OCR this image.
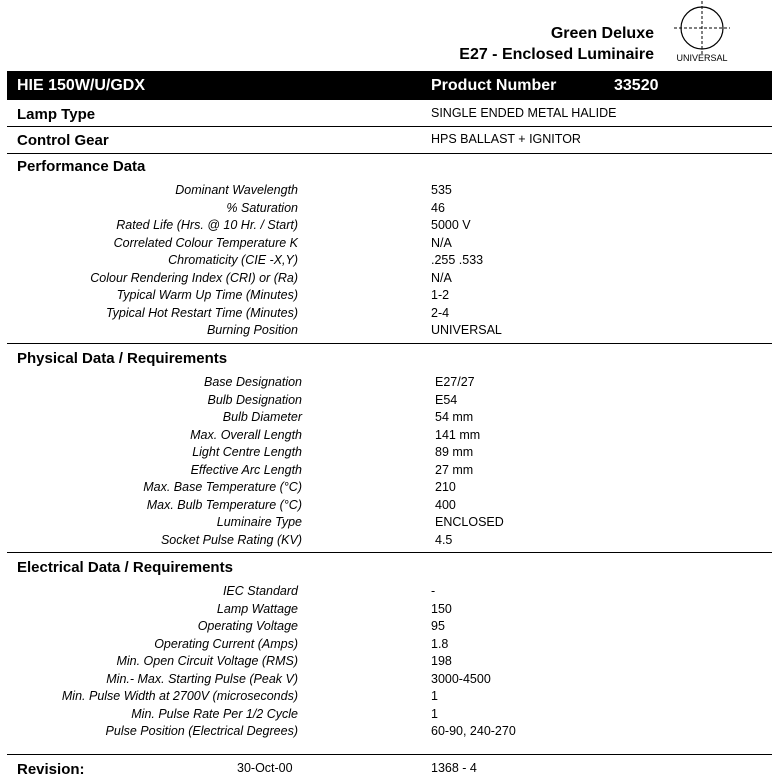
Green Deluxe
E27 - Enclosed Luminaire	UNIVERSAL
HIE 150W/U/GDX	Product Number	33520
Lamp Type	SINGLE ENDED METAL HALIDE
Control Gear	HPS BALLAST + IGNITOR
Performance Data
Dominant Wavelength	535
% Saturation	46
Rated Life (Hrs. @ 10 Hr. / Start)	5000 V
Correlated Colour Temperature K	N/A
Chromaticity (CIE -X,Y)	.255 .533
Colour Rendering Index (CRI) or (Ra)	N/A
Typical Warm Up Time (Minutes)	1-2
Typical Hot Restart Time (Minutes)	2-4
Burning Position	UNIVERSAL
Physical Data / Requirements
Base Designation	E27/27
Bulb Designation	E54
Bulb Diameter	54 mm
Max. Overall Length	141 mm
Light Centre Length	89 mm
Effective Arc Length	27 mm
Max. Base Temperature (°C)	210
Max. Bulb Temperature (°C)	400
Luminaire Type	ENCLOSED
Socket Pulse Rating (KV)	4.5
Electrical Data / Requirements
IEC Standard	-
Lamp Wattage	150
Operating Voltage	95
Operating Current (Amps)	1.8
Min. Open Circuit Voltage (RMS)	198
Min.- Max. Starting Pulse (Peak V)	3000-4500
Min. Pulse Width at 2700V (microseconds)	1
Min. Pulse Rate Per 1/2 Cycle	1
Pulse Position (Electrical Degrees)	60-90, 240-270
Revision:	30-Oct-00	1368 - 4
